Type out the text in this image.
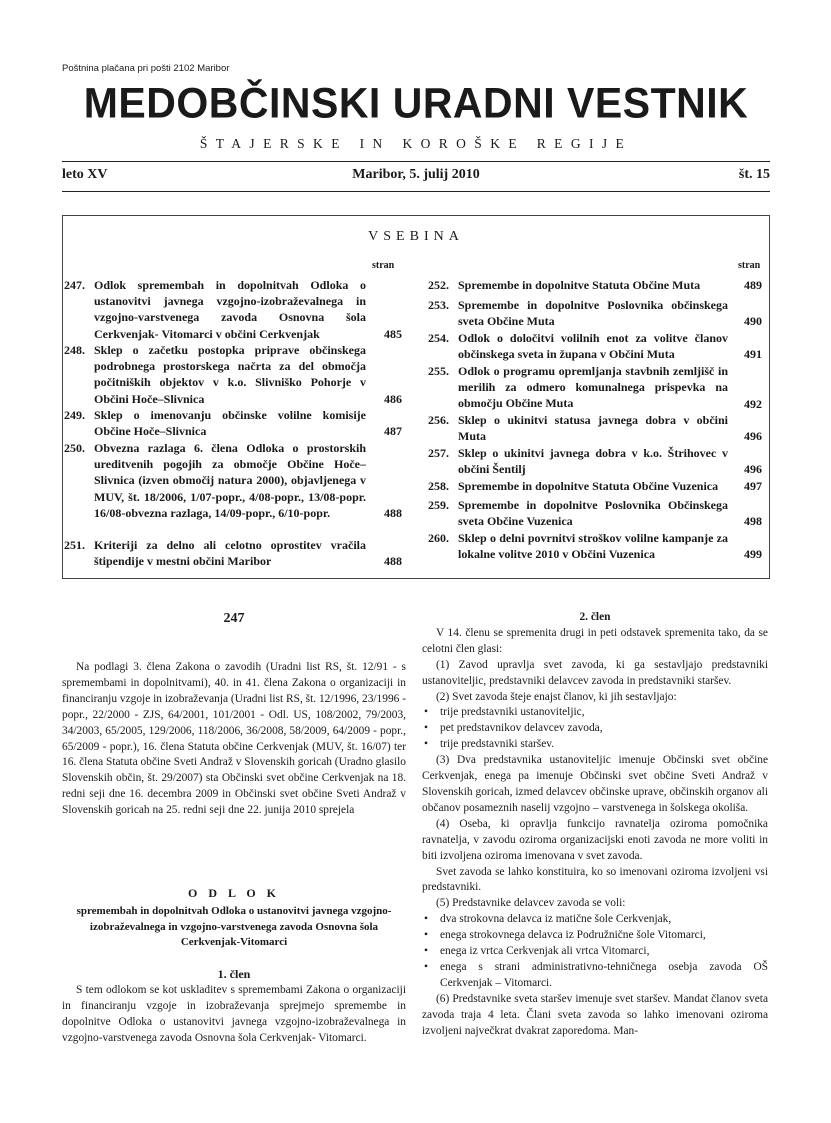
Poštnina plačana pri pošti 2102 Maribor
MEDOBČINSKI URADNI VESTNIK
ŠTAJERSKE IN KOROŠKE REGIJE
leto XV	Maribor, 5. julij 2010	št. 15
VSEBINA
stran	stran
247. Odlok spremembah in dopolnitvah Odloka o ustanovitvi javnega vzgojno-izobraževalnega in vzgojno-varstvenega zavoda Osnovna šola Cerkvenjak- Vitomarci v občini Cerkvenjak	485
248. Sklep o začetku postopka priprave občinskega podrobnega prostorskega načrta za del območja počitniških objektov v k.o. Slivniško Pohorje v Občini Hoče–Slivnica	486
249. Sklep o imenovanju občinske volilne komisije Občine Hoče–Slivnica	487
250. Obvezna razlaga 6. člena Odloka o prostorskih ureditvenih pogojih za območje Občine Hoče–Slivnica (izven območij natura 2000), objavljenega v MUV, št. 18/2006, 1/07-popr., 4/08-popr., 13/08-popr. 16/08-obvezna razlaga, 14/09-popr., 6/10-popr.	488
251. Kriteriji za delno ali celotno oprostitev vračila štipendije v mestni občini Maribor	488
252. Spremembe in dopolnitve Statuta Občine Muta	489
253. Spremembe in dopolnitve Poslovnika občinskega sveta Občine Muta	490
254. Odlok o določitvi volilnih enot za volitve članov občinskega sveta in župana v Občini Muta	491
255. Odlok o programu opremljanja stavbnih zemljišč in merilih za odmero komunalnega prispevka na območju Občine Muta	492
256. Sklep o ukinitvi statusa javnega dobra v občini Muta	496
257. Sklep o ukinitvi javnega dobra v k.o. Štrihovec v občini Šentilj	496
258. Spremembe in dopolnitve Statuta Občine Vuzenica	497
259. Spremembe in dopolnitve Poslovnika Občinskega sveta Občine Vuzenica	498
260. Sklep o delni povrnitvi stroškov volilne kampanje za lokalne volitve 2010 v Občini Vuzenica	499
247

Na podlagi 3. člena Zakona o zavodih (Uradni list RS, št. 12/91 - s spremembami in dopolnitvami), 40. in 41. člena Zakona o organizaciji in financiranju vzgoje in izobraževanja (Uradni list RS, št. 12/1996, 23/1996 - popr., 22/2000 - ZJS, 64/2001, 101/2001 - Odl. US, 108/2002, 79/2003, 34/2003, 65/2005, 129/2006, 118/2006, 36/2008, 58/2009, 64/2009 - popr., 65/2009 - popr.), 16. člena Statuta občine Cerkvenjak (MUV, št. 16/07) ter 16. člena Statuta občine Sveti Andraž v Slovenskih goricah (Uradno glasilo Slovenskih občin, št. 29/2007) sta Občinski svet občine Cerkvenjak na 18. redni seji dne 16. decembra 2009 in Občinski svet občine Sveti Andraž v Slovenskih goricah na 25. redni seji dne 22. junija 2010 sprejela

O D L O K
spremembah in dopolnitvah Odloka o ustanovitvi javnega vzgojno-izobraževalnega in vzgojno-varstvenega zavoda Osnovna šola Cerkvenjak-Vitomarci
1. člen

S tem odlokom se kot uskladitev s spremembami Zakona o organizaciji in financiranju vzgoje in izobraževanja sprejmejo spremembe in dopolnitve Odloka o ustanovitvi javnega vzgojno-izobraževalnega in vzgojno-varstvenega zavoda Osnovna šola Cerkvenjak- Vitomarci.

2. člen

V 14. členu se spremenita drugi in peti odstavek spremenita tako, da se celotni člen glasi:

(1) Zavod upravlja svet zavoda, ki ga sestavljajo predstavniki ustanoviteljic, predstavniki delavcev zavoda in predstavniki staršev.

(2) Svet zavoda šteje enajst članov, ki jih sestavljajo:

• trije predstavniki ustanoviteljic,

• pet predstavnikov delavcev zavoda,

• trije predstavniki staršev.

(3) Dva predstavnika ustanoviteljic imenuje Občinski svet občine Cerkvenjak, enega pa imenuje Občinski svet občine Sveti Andraž v Slovenskih goricah, izmed delavcev občinske uprave, občinskih organov ali občanov posameznih naselij vzgojno – varstvenega in šolskega okoliša.

(4) Oseba, ki opravlja funkcijo ravnatelja oziroma pomočnika ravnatelja, v zavodu oziroma organizacijski enoti zavoda ne more voliti in biti izvoljena oziroma imenovana v svet zavoda.

Svet zavoda se lahko konstituira, ko so imenovani oziroma izvoljeni vsi predstavniki.

(5) Predstavnike delavcev zavoda se voli:

• dva strokovna delavca iz matične šole Cerkvenjak,

• enega strokovnega delavca iz Podružnične šole Vitomarci,

• enega iz vrtca Cerkvenjak ali vrtca Vitomarci,

• enega s strani administrativno-tehničnega osebja zavoda OŠ Cerkvenjak – Vitomarci.

(6) Predstavnike sveta staršev imenuje svet staršev. Mandat članov sveta zavoda traja 4 leta. Člani sveta zavoda so lahko imenovani oziroma izvoljeni največkrat dvakrat zaporedoma. Man-
